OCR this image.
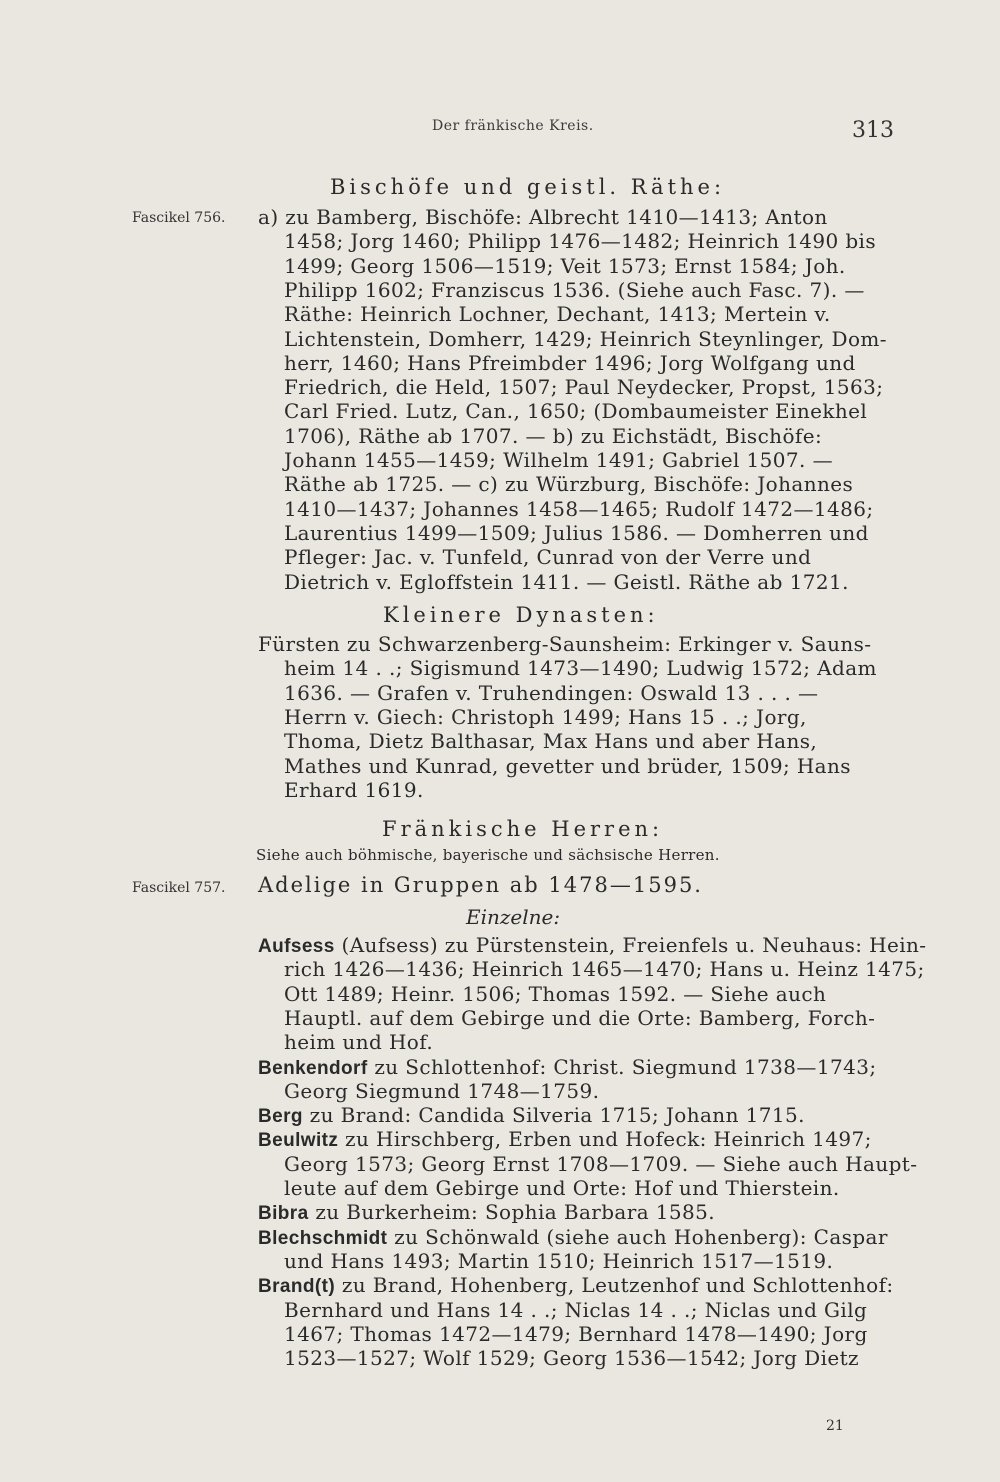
Der fränkische Kreis.	313
Bischöfe und geistl. Räthe:
Fascikel 756. a) zu Bamberg, Bischöfe: Albrecht 1410—1413; Anton
1458; Jorg 1460; Philipp 1476—1482; Heinrich 1490 bis
1499; Georg 1506—1519; Veit 1573; Ernst 1584; Joh.
Philipp 1602; Franziscus 1536. (Siehe auch Fasc. 7). —
Räthe: Heinrich Lochner, Dechant, 1413; Mertein v.
Lichtenstein, Domherr, 1429; Heinrich Steynlinger, Dom-
herr, 1460; Hans Pfreimbder 1496; Jorg Wolfgang und
Friedrich, die Held, 1507; Paul Neydecker, Propst, 1563;
Carl Fried. Lutz, Can., 1650; (Dombaumeister Einekhel
1706), Räthe ab 1707. — b) zu Eichstädt, Bischöfe:
Johann 1455—1459; Wilhelm 1491; Gabriel 1507. —
Räthe ab 1725. — c) zu Würzburg, Bischöfe: Johannes
1410—1437; Johannes 1458—1465; Rudolf 1472—1486;
Laurentius 1499—1509; Julius 1586. — Domherren und
Pfleger: Jac. v. Tunfeld, Cunrad von der Verre und
Dietrich v. Egloffstein 1411. — Geistl. Räthe ab 1721.
Kleinere Dynasten:
Fürsten zu Schwarzenberg-Saunsheim: Erkinger v. Sauns-
heim 14 . .; Sigismund 1473—1490; Ludwig 1572; Adam
1636. — Grafen v. Truhendingen: Oswald 13 . . . —
Herrn v. Giech: Christoph 1499; Hans 15 . .; Jorg,
Thoma, Dietz Balthasar, Max Hans und aber Hans,
Mathes und Kunrad, gevetter und brüder, 1509; Hans
Erhard 1619.
Fränkische Herren:
Siehe auch böhmische, bayerische und sächsische Herren.
Fascikel 757. Adelige in Gruppen ab 1478—1595.
Einzelne:
Aufsess (Aufsess) zu Pürstenstein, Freienfels u. Neuhaus: Hein-
rich 1426—1436; Heinrich 1465—1470; Hans u. Heinz 1475;
Ott 1489; Heinr. 1506; Thomas 1592. — Siehe auch
Hauptl. auf dem Gebirge und die Orte: Bamberg, Forch-
heim und Hof.
Benkendorf zu Schlottenhof: Christ. Siegmund 1738—1743;
Georg Siegmund 1748—1759.
Berg zu Brand: Candida Silveria 1715; Johann 1715.
Beulwitz zu Hirschberg, Erben und Hofeck: Heinrich 1497;
Georg 1573; Georg Ernst 1708—1709. — Siehe auch Haupt-
leute auf dem Gebirge und Orte: Hof und Thierstein.
Bibra zu Burkerheim: Sophia Barbara 1585.
Blechschmidt zu Schönwald (siehe auch Hohenberg): Caspar
und Hans 1493; Martin 1510; Heinrich 1517—1519.
Brand(t) zu Brand, Hohenberg, Leutzenhof und Schlottenhof:
Bernhard und Hans 14 . .; Niclas 14 . .; Niclas und Gilg
1467; Thomas 1472—1479; Bernhard 1478—1490; Jorg
1523—1527; Wolf 1529; Georg 1536—1542; Jorg Dietz
21
